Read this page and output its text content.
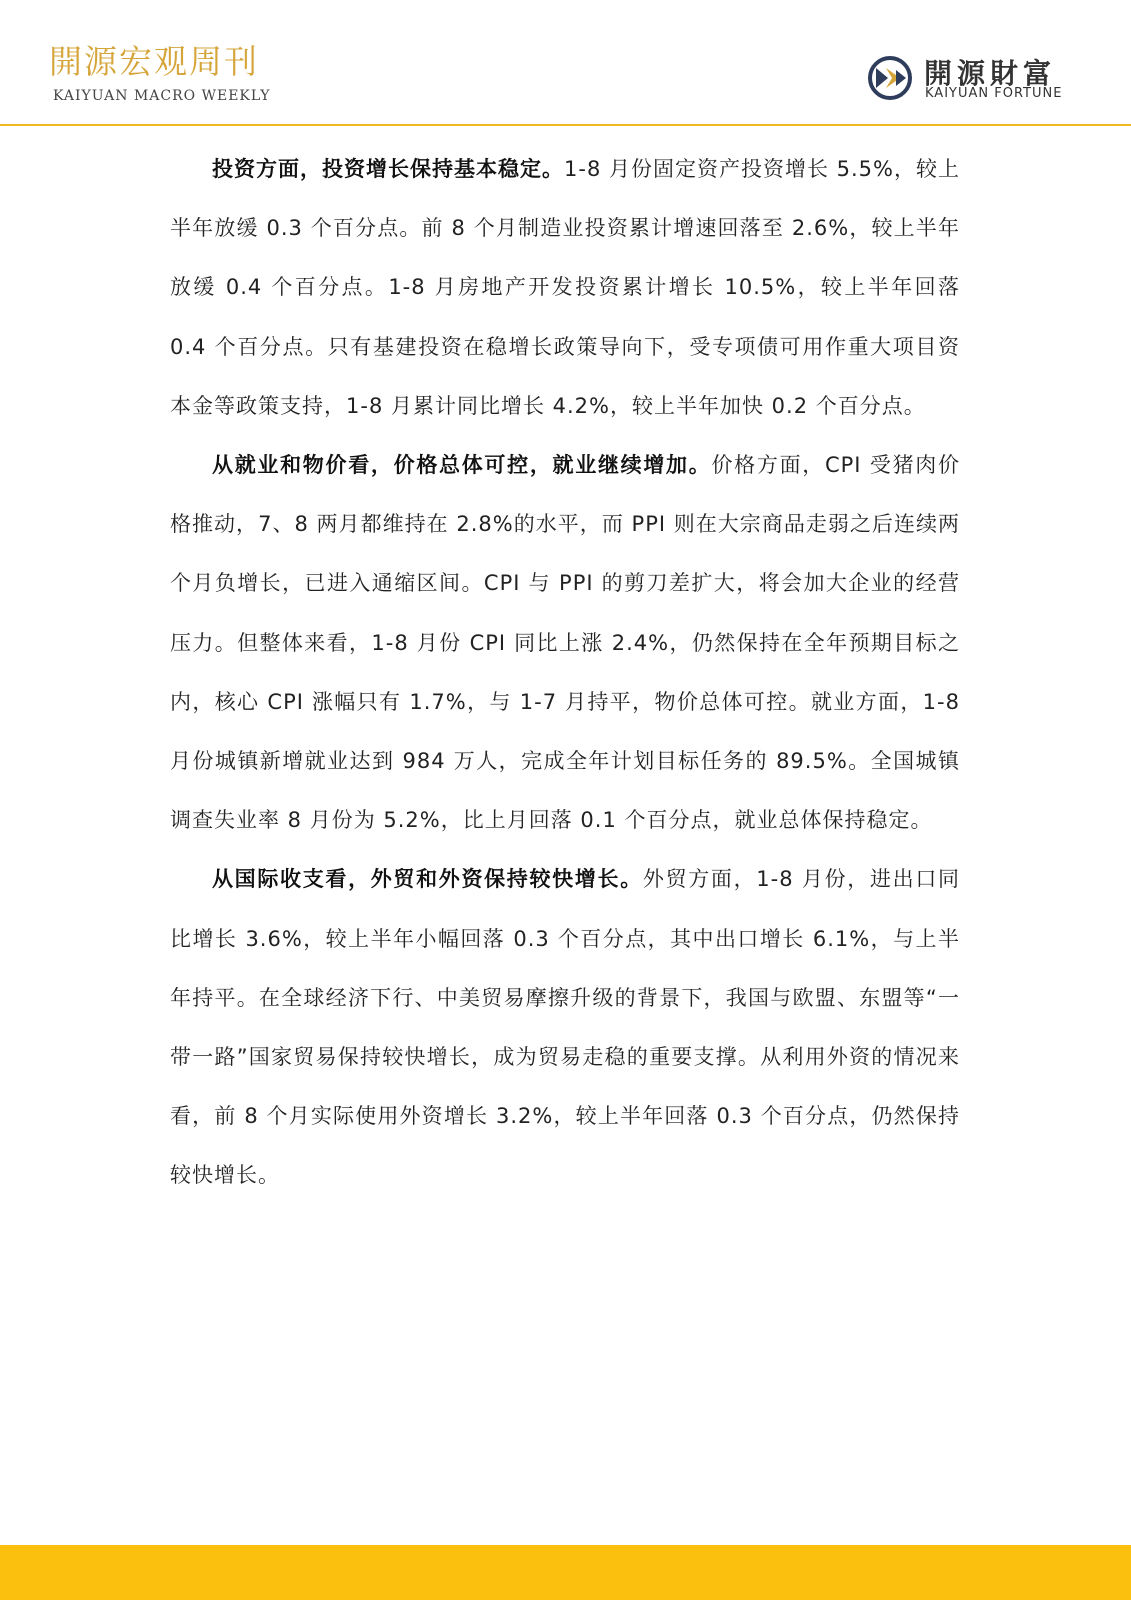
開源宏观周刊
KAIYUAN MACRO WEEKLY
開源財富
KAIYUAN FORTUNE

投资方面，投资增长保持基本稳定。1-8 月份固定资产投资增长 5.5%，较上半年放缓 0.3 个百分点。前 8 个月制造业投资累计增速回落至 2.6%，较上半年放缓 0.4 个百分点。1-8 月房地产开发投资累计增长 10.5%，较上半年回落 0.4 个百分点。只有基建投资在稳增长政策导向下，受专项债可用作重大项目资本金等政策支持，1-8 月累计同比增长 4.2%，较上半年加快 0.2 个百分点。

从就业和物价看，价格总体可控，就业继续增加。价格方面，CPI 受猪肉价格推动，7、8 两月都维持在 2.8%的水平，而 PPI 则在大宗商品走弱之后连续两个月负增长，已进入通缩区间。CPI 与 PPI 的剪刀差扩大，将会加大企业的经营压力。但整体来看，1-8 月份 CPI 同比上涨 2.4%，仍然保持在全年预期目标之内，核心 CPI 涨幅只有 1.7%，与 1-7 月持平，物价总体可控。就业方面，1-8 月份城镇新增就业达到 984 万人，完成全年计划目标任务的 89.5%。全国城镇调查失业率 8 月份为 5.2%，比上月回落 0.1 个百分点，就业总体保持稳定。

从国际收支看，外贸和外资保持较快增长。外贸方面，1-8 月份，进出口同比增长 3.6%，较上半年小幅回落 0.3 个百分点，其中出口增长 6.1%，与上半年持平。在全球经济下行、中美贸易摩擦升级的背景下，我国与欧盟、东盟等“一带一路”国家贸易保持较快增长，成为贸易走稳的重要支撑。从利用外资的情况来看，前 8 个月实际使用外资增长 3.2%，较上半年回落 0.3 个百分点，仍然保持较快增长。
